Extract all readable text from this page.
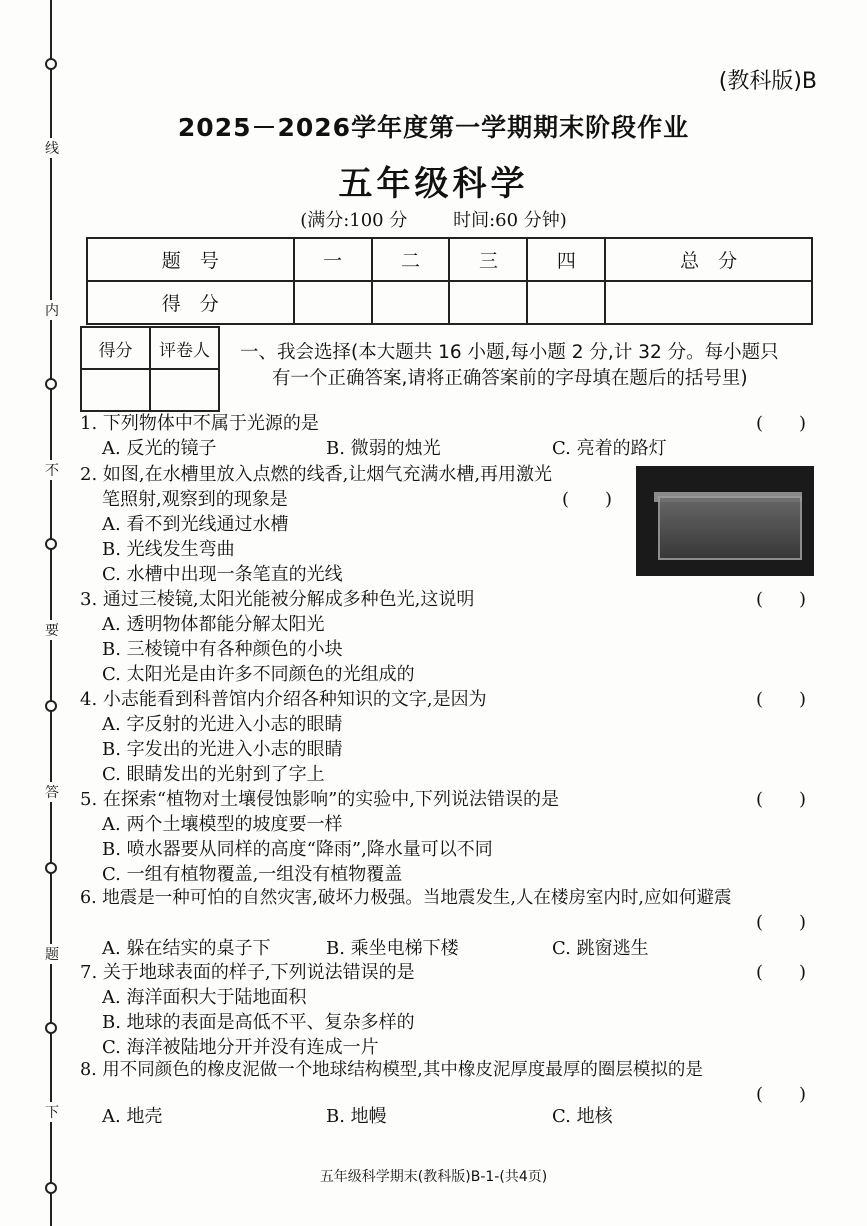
线
内
不
要
答
题
下
(教科版)B
2025－2026学年度第一学期期末阶段作业
五年级科学
(满分:100 分	时间:60 分钟)
题　号	一	二	三	四	总　分
得　分					
得分	评卷人
	一、我会选择(本大题共 16 小题,每小题 2 分,计 32 分。每小题只
有一个正确答案,请将正确答案前的字母填在题后的括号里)
1. 下列物体中不属于光源的是	(　　)
A. 反光的镜子	B. 微弱的烛光	C. 亮着的路灯
2. 如图,在水槽里放入点燃的线香,让烟气充满水槽,再用激光
笔照射,观察到的现象是	(　　)
A. 看不到光线通过水槽
B. 光线发生弯曲
C. 水槽中出现一条笔直的光线
3. 通过三棱镜,太阳光能被分解成多种色光,这说明	(　　)
A. 透明物体都能分解太阳光
B. 三棱镜中有各种颜色的小块
C. 太阳光是由许多不同颜色的光组成的
4. 小志能看到科普馆内介绍各种知识的文字,是因为	(　　)
A. 字反射的光进入小志的眼睛
B. 字发出的光进入小志的眼睛
C. 眼睛发出的光射到了字上
5. 在探索“植物对土壤侵蚀影响”的实验中,下列说法错误的是	(　　)
A. 两个土壤模型的坡度要一样
B. 喷水器要从同样的高度“降雨”,降水量可以不同
C. 一组有植物覆盖,一组没有植物覆盖
6. 地震是一种可怕的自然灾害,破坏力极强。当地震发生,人在楼房室内时,应如何避震
(　　)
A. 躲在结实的桌子下	B. 乘坐电梯下楼	C. 跳窗逃生
7. 关于地球表面的样子,下列说法错误的是	(　　)
A. 海洋面积大于陆地面积
B. 地球的表面是高低不平、复杂多样的
C. 海洋被陆地分开并没有连成一片
8. 用不同颜色的橡皮泥做一个地球结构模型,其中橡皮泥厚度最厚的圈层模拟的是
(　　)
A. 地壳	B. 地幔	C. 地核
五年级科学期末(教科版)B-1-(共4页)
